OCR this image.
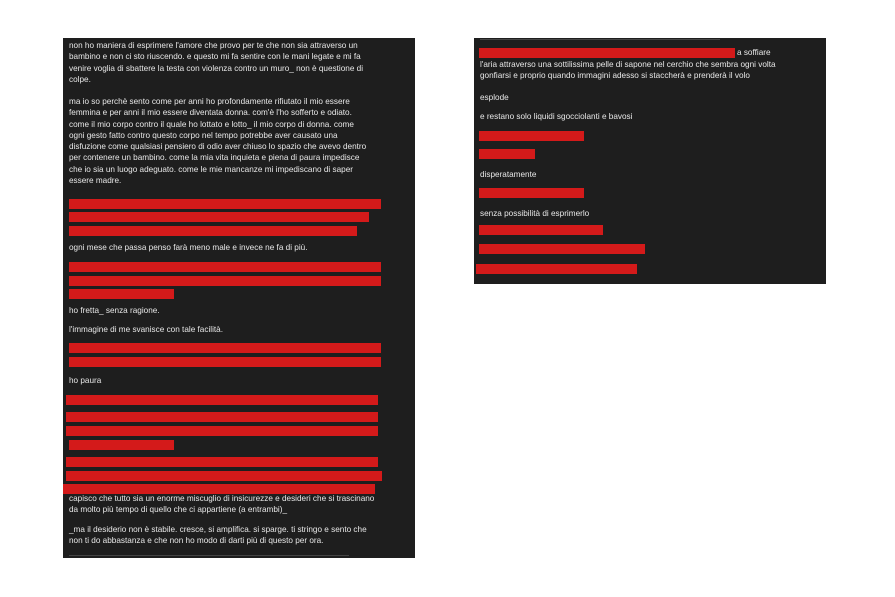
non ho maniera di esprimere l'amore che provo per te che non sia attraverso un
bambino e non ci sto riuscendo. e questo mi fa sentire con le mani legate e mi fa
venire voglia di sbattere la testa con violenza contro un muro_ non è questione di
colpe.

ma io so perchè sento come per anni ho profondamente rifiutato il mio essere
femmina e per anni il mio essere diventata donna. com'è l'ho sofferto e odiato.
come il mio corpo contro il quale ho lottato e lotto_ il mio corpo di donna. come
ogni gesto fatto contro questo corpo nel tempo potrebbe aver causato una
disfuzione come qualsiasi pensiero di odio aver chiuso lo spazio che avevo dentro
per contenere un bambino. come la mia vita inquieta e piena di paura impedisce
che io sia un luogo adeguato. come le mie mancanze mi impediscano di saper
essere madre.

ogni mese che passa penso farà meno male e invece ne fa di più.

ho fretta_ senza ragione.

l'immagine di me svanisce con tale facilità.

ho paura

capisco che tutto sia un enorme miscuglio di insicurezze e desideri che si trascinano
da molto più tempo di quello che ci appartiene (a entrambi)_

_ma il desiderio non è stabile. cresce, si amplifica. si sparge. ti stringo e sento che
non ti do abbastanza e che non ho modo di darti più di questo per ora.

a soffiare

l'aria attraverso una sottilissima pelle di sapone nel cerchio che sembra ogni volta
gonfiarsi e proprio quando immagini adesso si staccherà e prenderà il volo

esplode

e restano solo liquidi sgocciolanti e bavosi

disperatamente

senza possibilità di esprimerlo
